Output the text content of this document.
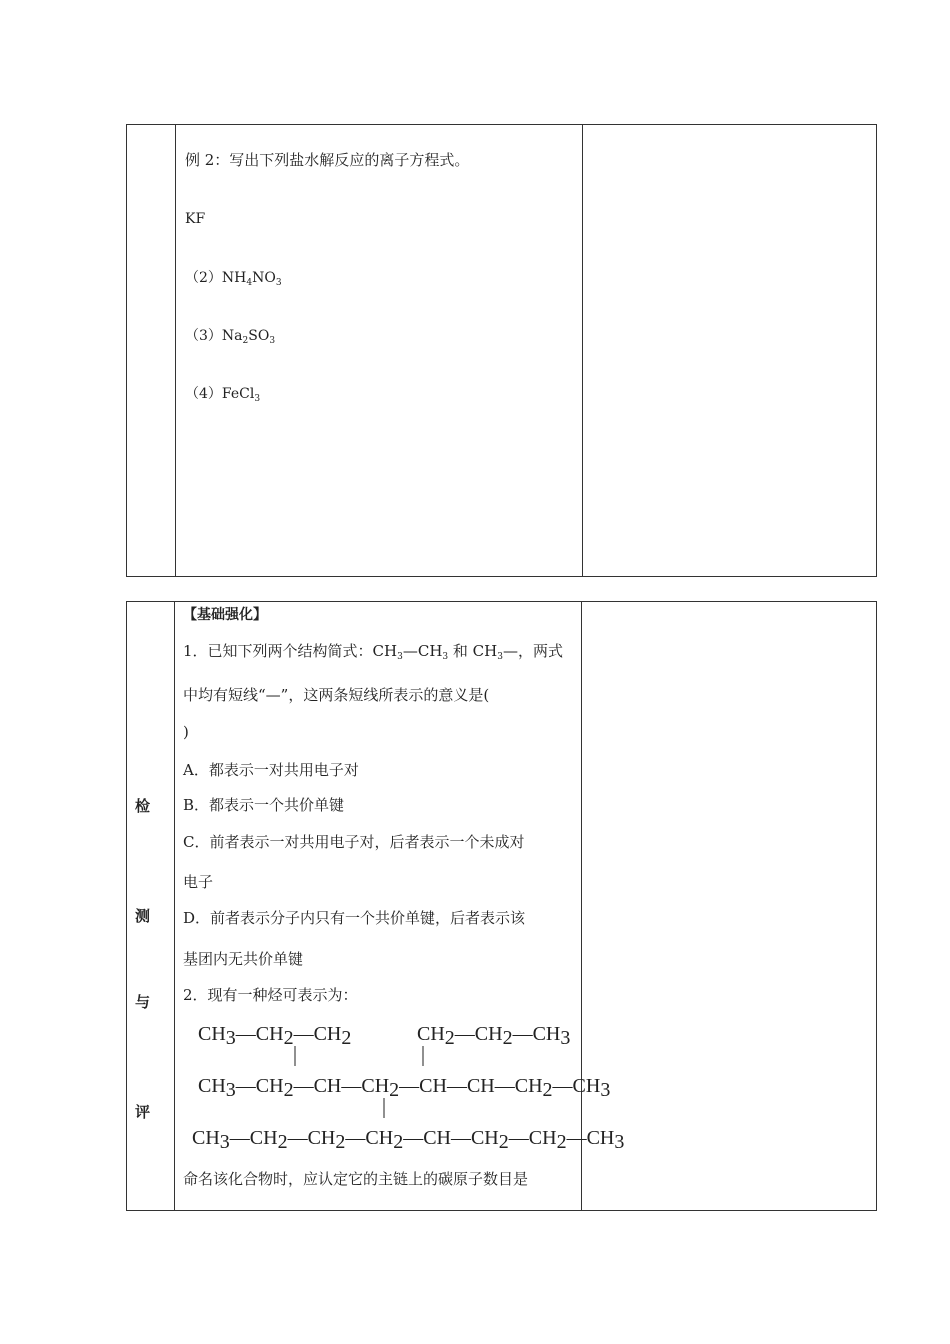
例 2：写出下列盐水解反应的离子方程式。
KF
$(2)NH_4NO_3$
$(3)Na_2SO_3$
（4）FeCl$_3$
检
测
与
评
【基础强化】
1．已知下列两个结构简式：$CH_3—CH_3$ 和 $CH_3—$，两式
中均有短线“—”，这两条短线所表示的意义是(
)
A．都表示一对共用电子对
B．都表示一个共价单键
C．前者表示一对共用电子对，后者表示一个未成对
电子
D．前者表示分子内只有一个共价单键，后者表示该
基团内无共价单键
2．现有一种烃可表示为：
CH3—CH2—CH2	CH2—CH2—CH3
CH3—CH2—CH—CH2—CH—CH—CH2—CH3
CH3—CH2—CH2—CH2—CH—CH2—CH2—CH3
命名该化合物时，应认定它的主链上的碳原子数目是
